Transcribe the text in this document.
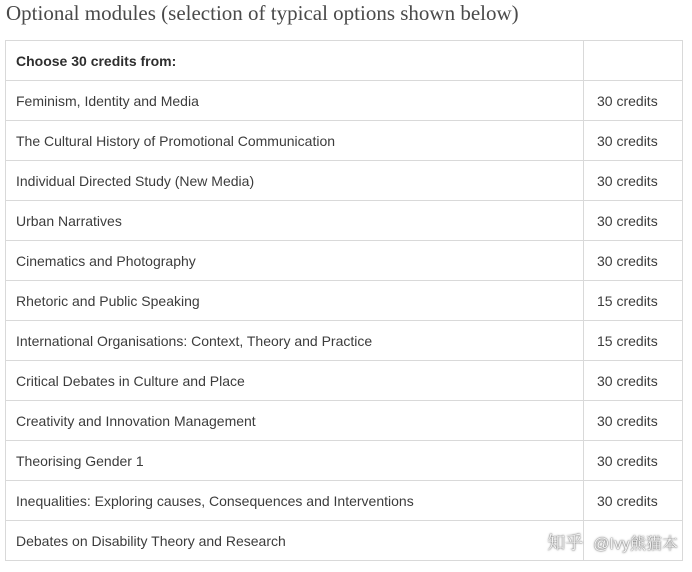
Optional modules (selection of typical options shown below)
Choose 30 credits from:	
Feminism, Identity and Media	30 credits
The Cultural History of Promotional Communication	30 credits
Individual Directed Study (New Media)	30 credits
Urban Narratives	30 credits
Cinematics and Photography	30 credits
Rhetoric and Public Speaking	15 credits
International Organisations: Context, Theory and Practice	15 credits
Critical Debates in Culture and Place	30 credits
Creativity and Innovation Management	30 credits
Theorising Gender 1	30 credits
Inequalities: Exploring causes, Consequences and Interventions	30 credits
Debates on Disability Theory and Research		知乎 @Ivy熊猫本
